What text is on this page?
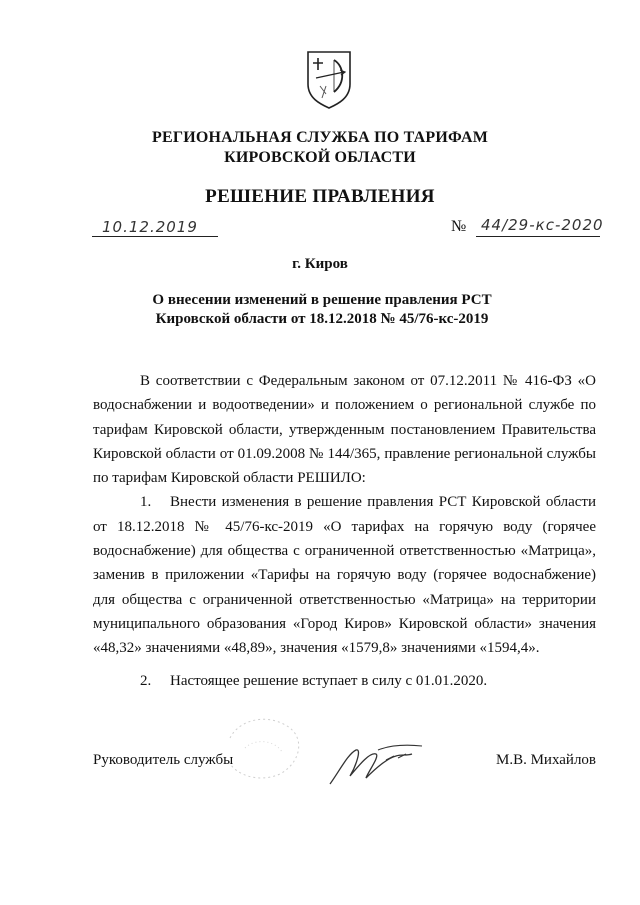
РЕГИОНАЛЬНАЯ СЛУЖБА ПО ТАРИФАМ
КИРОВСКОЙ ОБЛАСТИ
РЕШЕНИЕ ПРАВЛЕНИЯ
10.12.2019	№ 44/29-кс-2020
г. Киров
О внесении изменений в решение правления РСТ Кировской области от 18.12.2018 № 45/76-кс-2019

В соответствии с Федеральным законом от 07.12.2011 № 416-ФЗ «О водоснабжении и водоотведении» и положением о региональной службе по тарифам Кировской области, утвержденным постановлением Правительства Кировской области от 01.09.2008 № 144/365, правление региональной службы по тарифам Кировской области РЕШИЛО:

1. Внести изменения в решение правления РСТ Кировской области от 18.12.2018 № 45/76-кс-2019 «О тарифах на горячую воду (горячее водоснабжение) для общества с ограниченной ответственностью «Матрица», заменив в приложении «Тарифы на горячую воду (горячее водоснабжение) для общества с ограниченной ответственностью «Матрица» на территории муниципального образования «Город Киров» Кировской области» значения «48,32» значениями «48,89», значения «1579,8» значениями «1594,4».

2. Настоящее решение вступает в силу с 01.01.2020.

Руководитель службы	М.В. Михайлов
